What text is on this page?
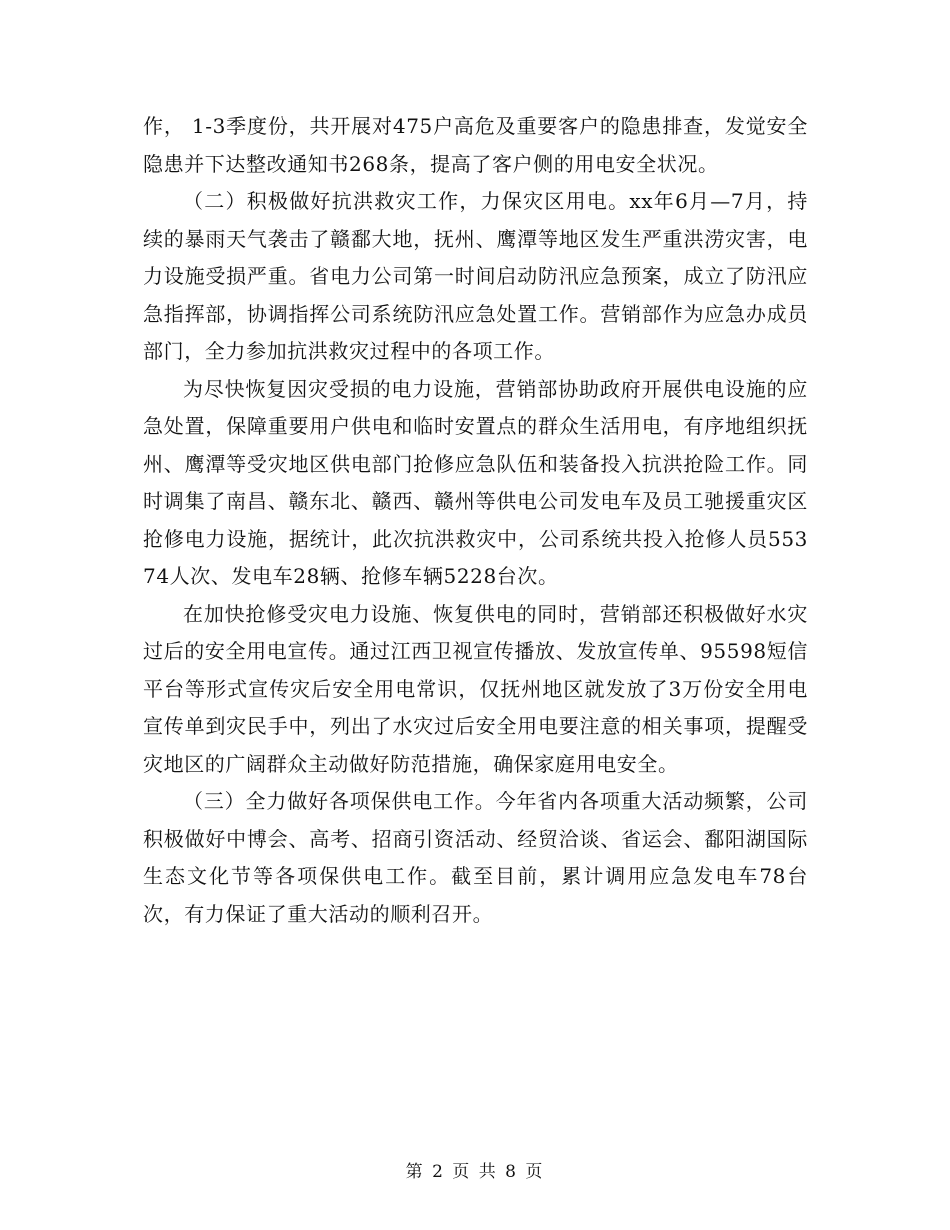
作， 1-3季度份，共开展对475户高危及重要客户的隐患排查，发觉安全隐患并下达整改通知书268条，提高了客户侧的用电安全状况。

（二）积极做好抗洪救灾工作，力保灾区用电。xx年6月—7月，持续的暴雨天气袭击了赣鄱大地，抚州、鹰潭等地区发生严重洪涝灾害，电力设施受损严重。省电力公司第一时间启动防汛应急预案，成立了防汛应急指挥部，协调指挥公司系统防汛应急处置工作。营销部作为应急办成员部门，全力参加抗洪救灾过程中的各项工作。

为尽快恢复因灾受损的电力设施，营销部协助政府开展供电设施的应急处置，保障重要用户供电和临时安置点的群众生活用电，有序地组织抚州、鹰潭等受灾地区供电部门抢修应急队伍和装备投入抗洪抢险工作。同时调集了南昌、赣东北、赣西、赣州等供电公司发电车及员工驰援重灾区抢修电力设施，据统计，此次抗洪救灾中，公司系统共投入抢修人员55374人次、发电车28辆、抢修车辆5228台次。

在加快抢修受灾电力设施、恢复供电的同时，营销部还积极做好水灾过后的安全用电宣传。通过江西卫视宣传播放、发放宣传单、95598短信平台等形式宣传灾后安全用电常识，仅抚州地区就发放了3万份安全用电宣传单到灾民手中，列出了水灾过后安全用电要注意的相关事项，提醒受灾地区的广阔群众主动做好防范措施，确保家庭用电安全。

（三）全力做好各项保供电工作。今年省内各项重大活动频繁，公司积极做好中博会、高考、招商引资活动、经贸洽谈、省运会、鄱阳湖国际生态文化节等各项保供电工作。截至目前，累计调用应急发电车78台次，有力保证了重大活动的顺利召开。

第 2 页 共 8 页
